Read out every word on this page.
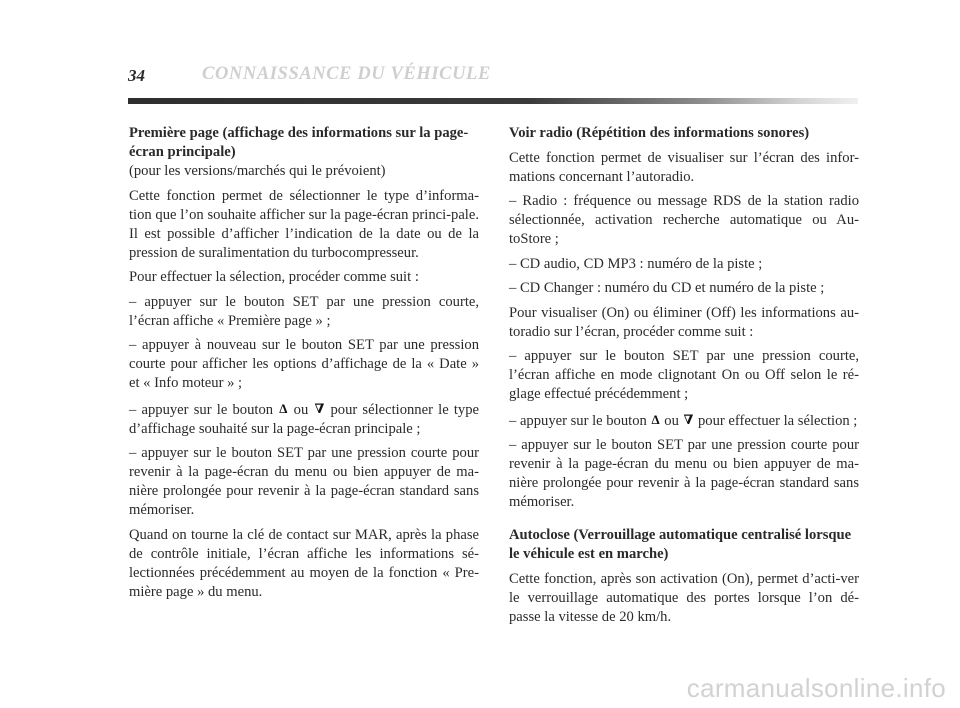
34	CONNAISSANCE DU VÉHICULE

Première page (affichage des informations sur la page-écran principale)

(pour les versions/marchés qui le prévoient)

Cette fonction permet de sélectionner le type d’informa-tion que l’on souhaite afficher sur la page-écran princi-pale. Il est possible d’afficher l’indication de la date ou de la pression de suralimentation du turbocompresseur.

Pour effectuer la sélection, procéder comme suit :

– appuyer sur le bouton SET par une pression courte, l’écran affiche « Première page » ;

– appuyer à nouveau sur le bouton SET par une pression courte pour afficher les options d’affichage de la « Date » et « Info moteur » ;

– appuyer sur le bouton Δ ou ∇ pour sélectionner le type d’affichage souhaité sur la page-écran principale ;

– appuyer sur le bouton SET par une pression courte pour revenir à la page-écran du menu ou bien appuyer de ma-nière prolongée pour revenir à la page-écran standard sans mémoriser.

Quand on tourne la clé de contact sur MAR, après la phase de contrôle initiale, l’écran affiche les informations sé-lectionnées précédemment au moyen de la fonction « Pre-mière page » du menu.

Voir radio (Répétition des informations sonores)

Cette fonction permet de visualiser sur l’écran des infor-mations concernant l’autoradio.

– Radio : fréquence ou message RDS de la station radio sélectionnée, activation recherche automatique ou Au-toStore ;

– CD audio, CD MP3 : numéro de la piste ;

– CD Changer : numéro du CD et numéro de la piste ;

Pour visualiser (On) ou éliminer (Off) les informations au-toradio sur l’écran, procéder comme suit :

– appuyer sur le bouton SET par une pression courte, l’écran affiche en mode clignotant On ou Off selon le ré-glage effectué précédemment ;

– appuyer sur le bouton Δ ou ∇ pour effectuer la sélection ;

– appuyer sur le bouton SET par une pression courte pour revenir à la page-écran du menu ou bien appuyer de ma-nière prolongée pour revenir à la page-écran standard sans mémoriser.

Autoclose (Verrouillage automatique centralisé lorsque le véhicule est en marche)

Cette fonction, après son activation (On), permet d’acti-ver le verrouillage automatique des portes lorsque l’on dé-passe la vitesse de 20 km/h.

carmanualsonline.info
